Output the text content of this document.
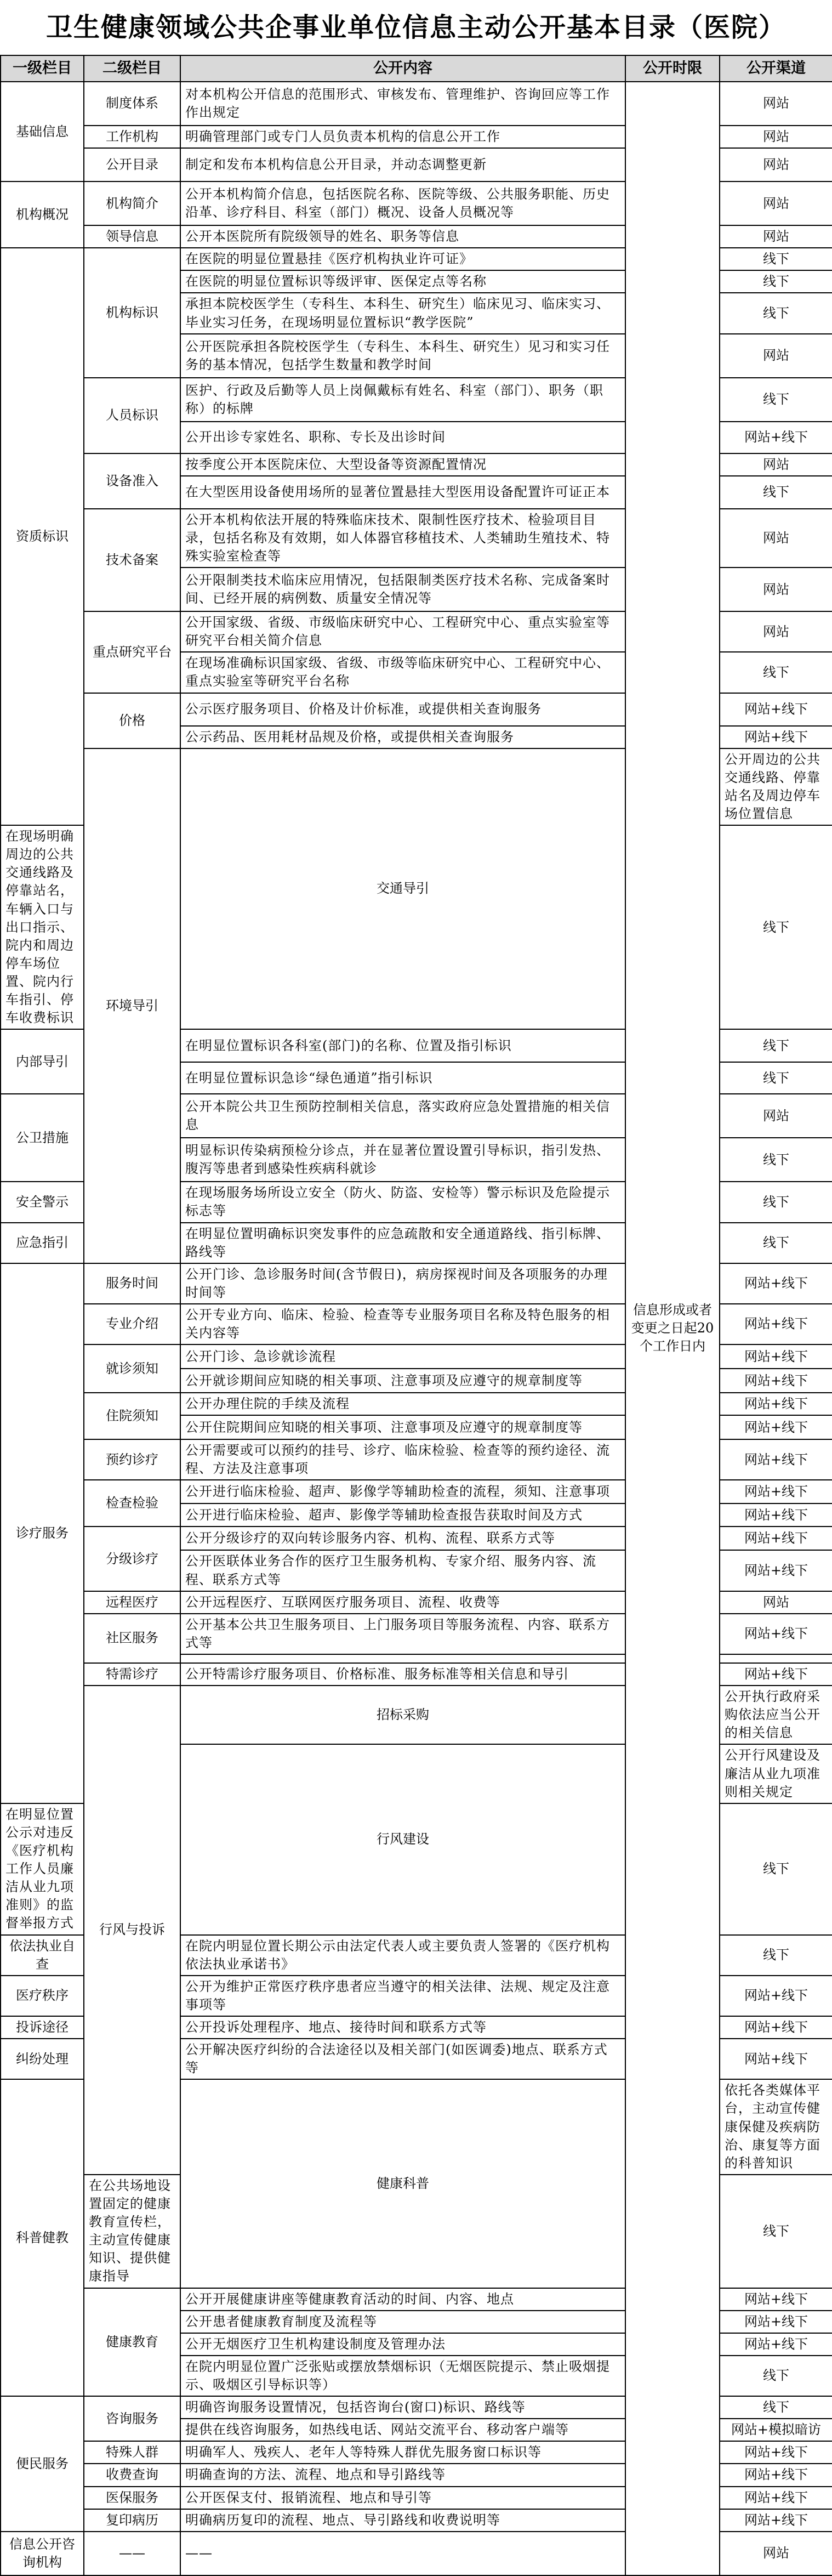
卫生健康领域公共企事业单位信息主动公开基本目录（医院）
一级栏目	二级栏目	公开内容	公开时限	公开渠道	
基础信息	制度体系	对本机构公开信息的范围形式、审核发布、管理维护、咨询回应等工作作出规定	信息形成或者变更之日起20个工作日内	网站	
	工作机构	明确管理部门或专门人员负责本机构的信息公开工作		网站	
	公开目录	制定和发布本机构信息公开目录，并动态调整更新		网站	
机构概况	机构简介	公开本机构简介信息，包括医院名称、医院等级、公共服务职能、历史沿革、诊疗科目、科室（部门）概况、设备人员概况等		网站	
	领导信息	公开本医院所有院级领导的姓名、职务等信息		网站	
资质标识	机构标识	在医院的明显位置悬挂《医疗机构执业许可证》		线下	
		在医院的明显位置标识等级评审、医保定点等名称		线下	
		承担本院校医学生（专科生、本科生、研究生）临床见习、临床实习、毕业实习任务，在现场明显位置标识“教学医院”		线下	
		公开医院承担各院校医学生（专科生、本科生、研究生）见习和实习任务的基本情况，包括学生数量和教学时间		网站	
	人员标识	医护、行政及后勤等人员上岗佩戴标有姓名、科室（部门）、职务（职称）的标牌		线下	
		公开出诊专家姓名、职称、专长及出诊时间		网站+线下	
	设备准入	按季度公开本医院床位、大型设备等资源配置情况		网站	
		在大型医用设备使用场所的显著位置悬挂大型医用设备配置许可证正本		线下	
	技术备案	公开本机构依法开展的特殊临床技术、限制性医疗技术、检验项目目录，包括名称及有效期，如人体器官移植技术、人类辅助生殖技术、特殊实验室检查等		网站	
		公开限制类技术临床应用情况，包括限制类医疗技术名称、完成备案时间、已经开展的病例数、质量安全情况等		网站	
	重点研究平台	公开国家级、省级、市级临床研究中心、工程研究中心、重点实验室等研究平台相关简介信息		网站	
		在现场准确标识国家级、省级、市级等临床研究中心、工程研究中心、重点实验室等研究平台名称		线下	
	价格	公示医疗服务项目、价格及计价标准，或提供相关查询服务		网站+线下	
		公示药品、医用耗材品规及价格，或提供相关查询服务		网站+线下	
	环境导引	交通导引		公开周边的公共交通线路、停靠站名及周边停车场位置信息	
在现场明确周边的公共交通线路及停靠站名，车辆入口与出口指示、院内和周边停车场位置、院内行车指引、停车收费标识				线下	
内部导引		在明显位置标识各科室(部门)的名称、位置及指引标识		线下	
		在明显位置标识急诊“绿色通道”指引标识		线下	
公卫措施		公开本院公共卫生预防控制相关信息，落实政府应急处置措施的相关信息		网站	
		明显标识传染病预检分诊点，并在显著位置设置引导标识，指引发热、腹泻等患者到感染性疾病科就诊		线下	
安全警示		在现场服务场所设立安全（防火、防盗、安检等）警示标识及危险提示标志等		线下	
应急指引		在明显位置明确标识突发事件的应急疏散和安全通道路线、指引标牌、路线等		线下	
诊疗服务	服务时间	公开门诊、急诊服务时间(含节假日)，病房探视时间及各项服务的办理时间等		网站+线下	
	专业介绍	公开专业方向、临床、检验、检查等专业服务项目名称及特色服务的相关内容等		网站+线下	
	就诊须知	公开门诊、急诊就诊流程		网站+线下	
		公开就诊期间应知晓的相关事项、注意事项及应遵守的规章制度等		网站+线下	
	住院须知	公开办理住院的手续及流程		网站+线下	
		公开住院期间应知晓的相关事项、注意事项及应遵守的规章制度等		网站+线下	
	预约诊疗	公开需要或可以预约的挂号、诊疗、临床检验、检查等的预约途径、流程、方法及注意事项		网站+线下	
	检查检验	公开进行临床检验、超声、影像学等辅助检查的流程，须知、注意事项		网站+线下	
		公开进行临床检验、超声、影像学等辅助检查报告获取时间及方式		网站+线下	
	分级诊疗	公开分级诊疗的双向转诊服务内容、机构、流程、联系方式等		网站+线下	
		公开医联体业务合作的医疗卫生服务机构、专家介绍、服务内容、流程、联系方式等		网站+线下	
	远程医疗	公开远程医疗、互联网医疗服务项目、流程、收费等		网站	
	社区服务	公开基本公共卫生服务项目、上门服务项目等服务流程、内容、联系方式等		网站+线下	

	特需诊疗	公开特需诊疗服务项目、价格标准、服务标准等相关信息和导引		网站+线下	
	行风与投诉	招标采购		公开执行政府采购依法应当公开的相关信息	
		行风建设		公开行风建设及廉洁从业九项准则相关规定	
在明显位置公示对违反《医疗机构工作人员廉洁从业九项准则》的监督举报方式				线下	
依法执业自查		在院内明显位置长期公示由法定代表人或主要负责人签署的《医疗机构依法执业承诺书》		线下	
医疗秩序		公开为维护正常医疗秩序患者应当遵守的相关法律、法规、规定及注意事项等		网站+线下	
投诉途径		公开投诉处理程序、地点、接待时间和联系方式等		网站+线下	
纠纷处理		公开解决医疗纠纷的合法途径以及相关部门(如医调委)地点、联系方式等		网站+线下	
科普健教		健康科普		依托各类媒体平台，主动宣传健康保健及疾病防治、康复等方面的科普知识	
	在公共场地设置固定的健康教育宣传栏，主动宣传健康知识、提供健康指导			线下	
	健康教育	公开开展健康讲座等健康教育活动的时间、内容、地点		网站+线下	
		公开患者健康教育制度及流程等		网站+线下	
		公开无烟医疗卫生机构建设制度及管理办法		网站+线下	
		在院内明显位置广泛张贴或摆放禁烟标识（无烟医院提示、禁止吸烟提示、吸烟区引导标识等）		线下	
便民服务	咨询服务	明确咨询服务设置情况，包括咨询台(窗口)标识、路线等		线下	
		提供在线咨询服务，如热线电话、网站交流平台、移动客户端等		网站+模拟暗访	
	特殊人群	明确军人、残疾人、老年人等特殊人群优先服务窗口标识等		网站+线下	
	收费查询	明确查询的方法、流程、地点和导引路线等		网站+线下	
	医保服务	公开医保支付、报销流程、地点和导引等		网站+线下	
	复印病历	明确病历复印的流程、地点、导引路线和收费说明等		网站+线下	
信息公开咨询机构	——	——		网站	
